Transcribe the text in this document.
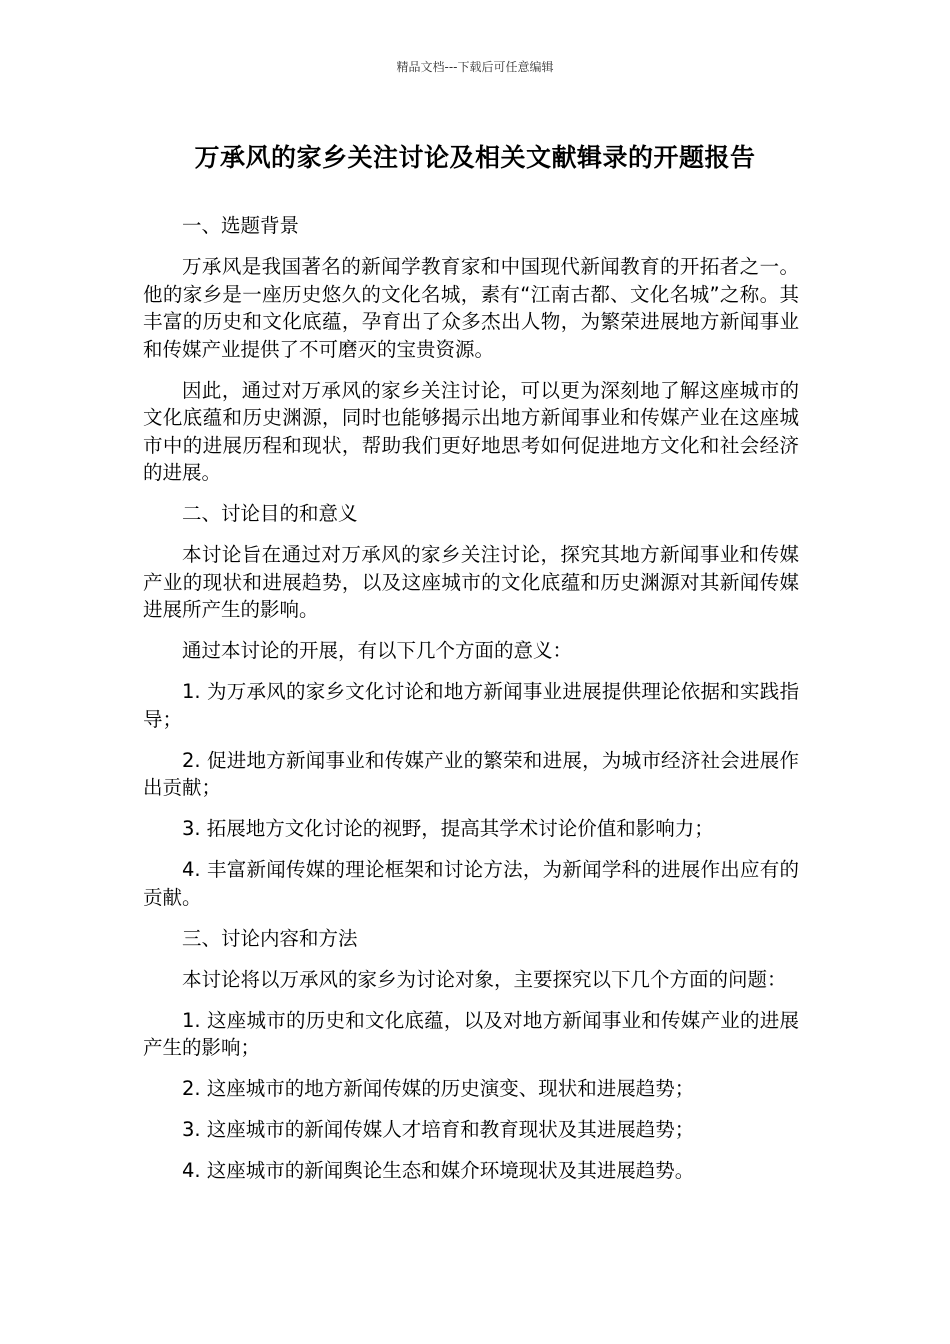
精品文档---下载后可任意编辑
万承风的家乡关注讨论及相关文献辑录的开题报告

一、选题背景

万承风是我国著名的新闻学教育家和中国现代新闻教育的开拓者之一。他的家乡是一座历史悠久的文化名城，素有“江南古都、文化名城”之称。其丰富的历史和文化底蕴，孕育出了众多杰出人物，为繁荣进展地方新闻事业和传媒产业提供了不可磨灭的宝贵资源。

因此，通过对万承风的家乡关注讨论，可以更为深刻地了解这座城市的文化底蕴和历史渊源，同时也能够揭示出地方新闻事业和传媒产业在这座城市中的进展历程和现状，帮助我们更好地思考如何促进地方文化和社会经济的进展。

二、讨论目的和意义

本讨论旨在通过对万承风的家乡关注讨论，探究其地方新闻事业和传媒产业的现状和进展趋势，以及这座城市的文化底蕴和历史渊源对其新闻传媒进展所产生的影响。

通过本讨论的开展，有以下几个方面的意义：

1. 为万承风的家乡文化讨论和地方新闻事业进展提供理论依据和实践指导；

2. 促进地方新闻事业和传媒产业的繁荣和进展，为城市经济社会进展作出贡献；

3. 拓展地方文化讨论的视野，提高其学术讨论价值和影响力；

4. 丰富新闻传媒的理论框架和讨论方法，为新闻学科的进展作出应有的贡献。

三、讨论内容和方法

本讨论将以万承风的家乡为讨论对象，主要探究以下几个方面的问题：

1. 这座城市的历史和文化底蕴，以及对地方新闻事业和传媒产业的进展产生的影响；

2. 这座城市的地方新闻传媒的历史演变、现状和进展趋势；

3. 这座城市的新闻传媒人才培育和教育现状及其进展趋势；

4. 这座城市的新闻舆论生态和媒介环境现状及其进展趋势。
